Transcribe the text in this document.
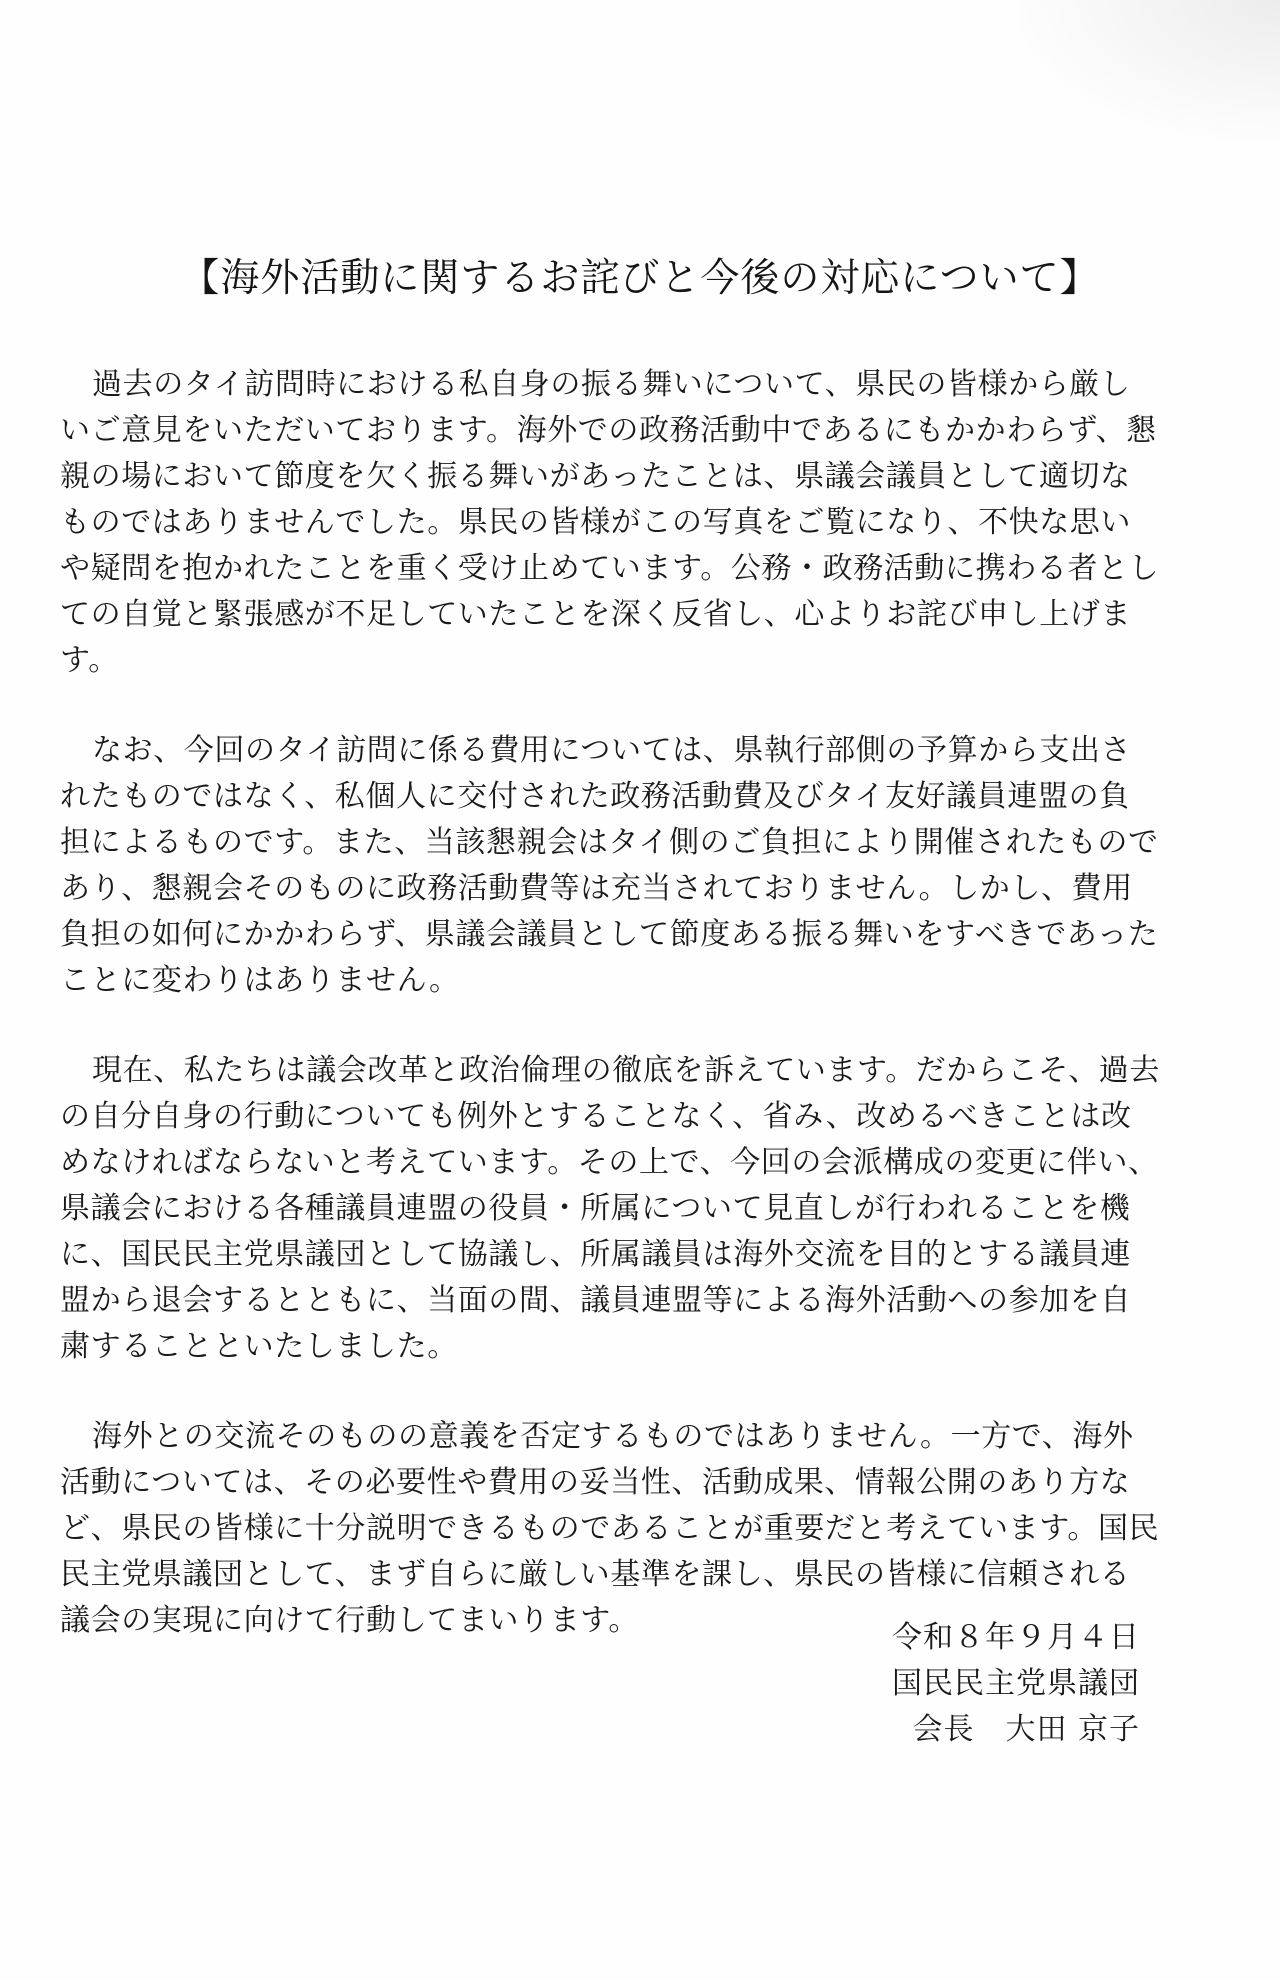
【海外活動に関するお詫びと今後の対応について】

過去のタイ訪問時における私自身の振る舞いについて、県民の皆様から厳しいご意見をいただいております。海外での政務活動中であるにもかかわらず、懇親の場において節度を欠く振る舞いがあったことは、県議会議員として適切なものではありませんでした。県民の皆様がこの写真をご覧になり、不快な思いや疑問を抱かれたことを重く受け止めています。公務・政務活動に携わる者としての自覚と緊張感が不足していたことを深く反省し、心よりお詫び申し上げます。

なお、今回のタイ訪問に係る費用については、県執行部側の予算から支出されたものではなく、私個人に交付された政務活動費及びタイ友好議員連盟の負担によるものです。また、当該懇親会はタイ側のご負担により開催されたものであり、懇親会そのものに政務活動費等は充当されておりません。しかし、費用負担の如何にかかわらず、県議会議員として節度ある振る舞いをすべきであったことに変わりはありません。

現在、私たちは議会改革と政治倫理の徹底を訴えています。だからこそ、過去の自分自身の行動についても例外とすることなく、省み、改めるべきことは改めなければならないと考えています。その上で、今回の会派構成の変更に伴い、県議会における各種議員連盟の役員・所属について見直しが行われることを機に、国民民主党県議団として協議し、所属議員は海外交流を目的とする議員連盟から退会するとともに、当面の間、議員連盟等による海外活動への参加を自粛することといたしました。

海外との交流そのものの意義を否定するものではありません。一方で、海外活動については、その必要性や費用の妥当性、活動成果、情報公開のあり方など、県民の皆様に十分説明できるものであることが重要だと考えています。国民民主党県議団として、まず自らに厳しい基準を課し、県民の皆様に信頼される議会の実現に向けて行動してまいります。	令和８年９月４日
国民民主党県議団
会長　大田 京子
